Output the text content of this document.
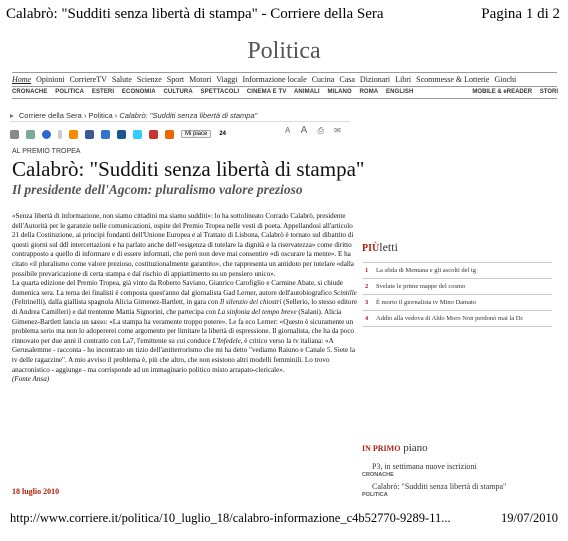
Calabrò: "Sudditi senza libertà di stampa" - Corriere della Sera	Pagina 1 di 2
Politica
Home Opinioni CorriereTV Salute Scienze Sport Motori Viaggi Informazione locale Cucina Casa Dizionari Libri Scommesse & Lotterie Giochi
CRONACHE POLITICA ESTERI ECONOMIA CULTURA SPETTACOLI CINEMA E TV ANIMALI MILANO ROMA ENGLISH	MOBILE & eREADER STORI
▸ Corriere della Sera › Politica › Calabrò: "Sudditi senza libertà di stampa"
Mi piace 24	A A ⎙ ✉
AL PREMIO TROPEA
Calabrò: "Sudditi senza libertà di stampa"
Il presidente dell'Agcom: pluralismo valore prezioso

«Senza libertà di informazione, non siamo cittadini ma siamo sudditi»: lo ha sottolineato Corrado Calabrò, presidente dell'Autorità per le garanzie nelle comunicazioni, ospite del Premio Tropea nelle vesti di poeta. Appellandosi all'articolo 21 della Costituzione, ai principi fondanti dell'Unione Europea e al Trattato di Lisbona, Calabrò è tornato sul dibattito di questi giorni sul ddl intercettazioni e ha parlato anche dell'«esigenza di tutelare la dignità e la riservatezza» come diritto contrapposto a quello di informare e di essere informati, che però non deve mai consentire «di oscurare la mente». E ha citato «il pluralismo come valore prezioso, costituzionalmente garantito», che rappresenta un antidoto per tutelare «dalla possibile prevaricazione di certa stampa e dal rischio di appiattimento su un pensiero unico».

La quarta edizione del Premio Tropea, già vinto da Roberto Saviano, Gianrico Carofiglio e Carmine Abate, si chiude domenica sera. La terna dei finalisti è composta quest'anno dal giornalista Gad Lerner, autore dell'autobiografico Scintille (Feltrinelli), dalla giallista spagnola Alicia Gimenez-Bartlett, in gara con Il silenzio dei chiostri (Sellerio, lo stesso editore di Andrea Camilleri) e dal trentenne Mattia Signorini, che partecipa con La sinfonia del tempo breve (Salani). Alicia Gimenez-Bartlett lancia un sasso: «La stampa ha veramente troppo potere». Le fa eco Lerner: «Questo è sicuramente un problema serio ma non lo adopererei come argomento per limitare la libertà di espressione. Il giornalista, che ha da poco rinnovato per due anni il contratto con La7, l'emittente su cui conduce L'Infedele, è critico verso la tv italiana: «A Gerusalemme - racconta - ho incontrato un tizio dell'antiterrorismo che mi ha detto "vediamo Raiuno e Canale 5. Siete la tv delle ragazzine". A mio avviso il problema è, più che altro, che non esistono altri modelli femminili. Lo trovo anacronistico - aggiunge - ma corrisponde ad un immaginario politico misto arrapato-clericale».

(Fonte Ansa)

18 luglio 2010
PIÙletti
1 La sfida di Mentana e gli ascolti del tg
2 Svelate le prime mappe del cosmo
3 È morto il giornalista tv Mino Damato
4 Addio alla vedova di Aldo Moro Non perdonò mai la Dc
IN PRIMO piano
P3, in settimana nuove iscrizioni
CRONACHE
Calabrò: "Sudditi senza libertà di stampa"
POLITICA
http://www.corriere.it/politica/10_luglio_18/calabro-informazione_c4b52770-9289-11...	19/07/2010
